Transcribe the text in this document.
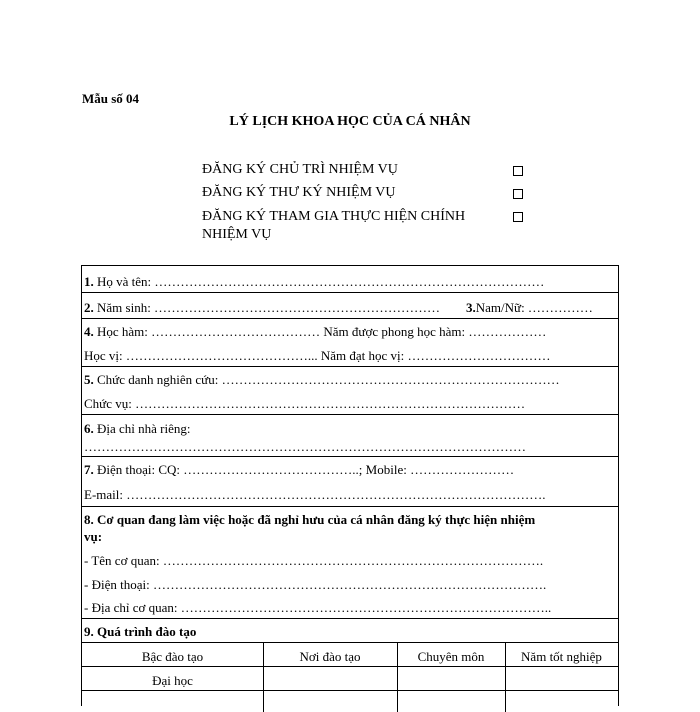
Mẫu số 04
LÝ LỊCH KHOA HỌC CỦA CÁ NHÂN
ĐĂNG KÝ CHỦ TRÌ NHIỆM VỤ
ĐĂNG KÝ THƯ KÝ NHIỆM VỤ
ĐĂNG KÝ THAM GIA THỰC HIỆN CHÍNH
NHIỆM VỤ
1. Họ và tên: ………………………………………………………………………………
2. Năm sinh: …………………………………………………………	3.Nam/Nữ: ……………
4. Học hàm: ………………………………… Năm được phong học hàm: ………………
Học vị: ……………………………………... Năm đạt học vị: ……………………………
5. Chức danh nghiên cứu: ……………………………………………………………………
Chức vụ: ………………………………………………………………………………
6. Địa chỉ nhà riêng:
…………………………………………………………………………………………
7. Điện thoại: CQ: …………………………………..; Mobile: ……………………
E-mail: …………………………………………………………………………………….
8. Cơ quan đang làm việc hoặc đã nghỉ hưu của cá nhân đăng ký thực hiện nhiệm
vụ:
- Tên cơ quan: …………………………………………………………………………….
- Điện thoại: ……………………………………………………………………………….
- Địa chỉ cơ quan: …………………………………………………………………………..
9. Quá trình đào tạo
Bậc đào tạo	Nơi đào tạo	Chuyên môn	Năm tốt nghiệp
Đại học
